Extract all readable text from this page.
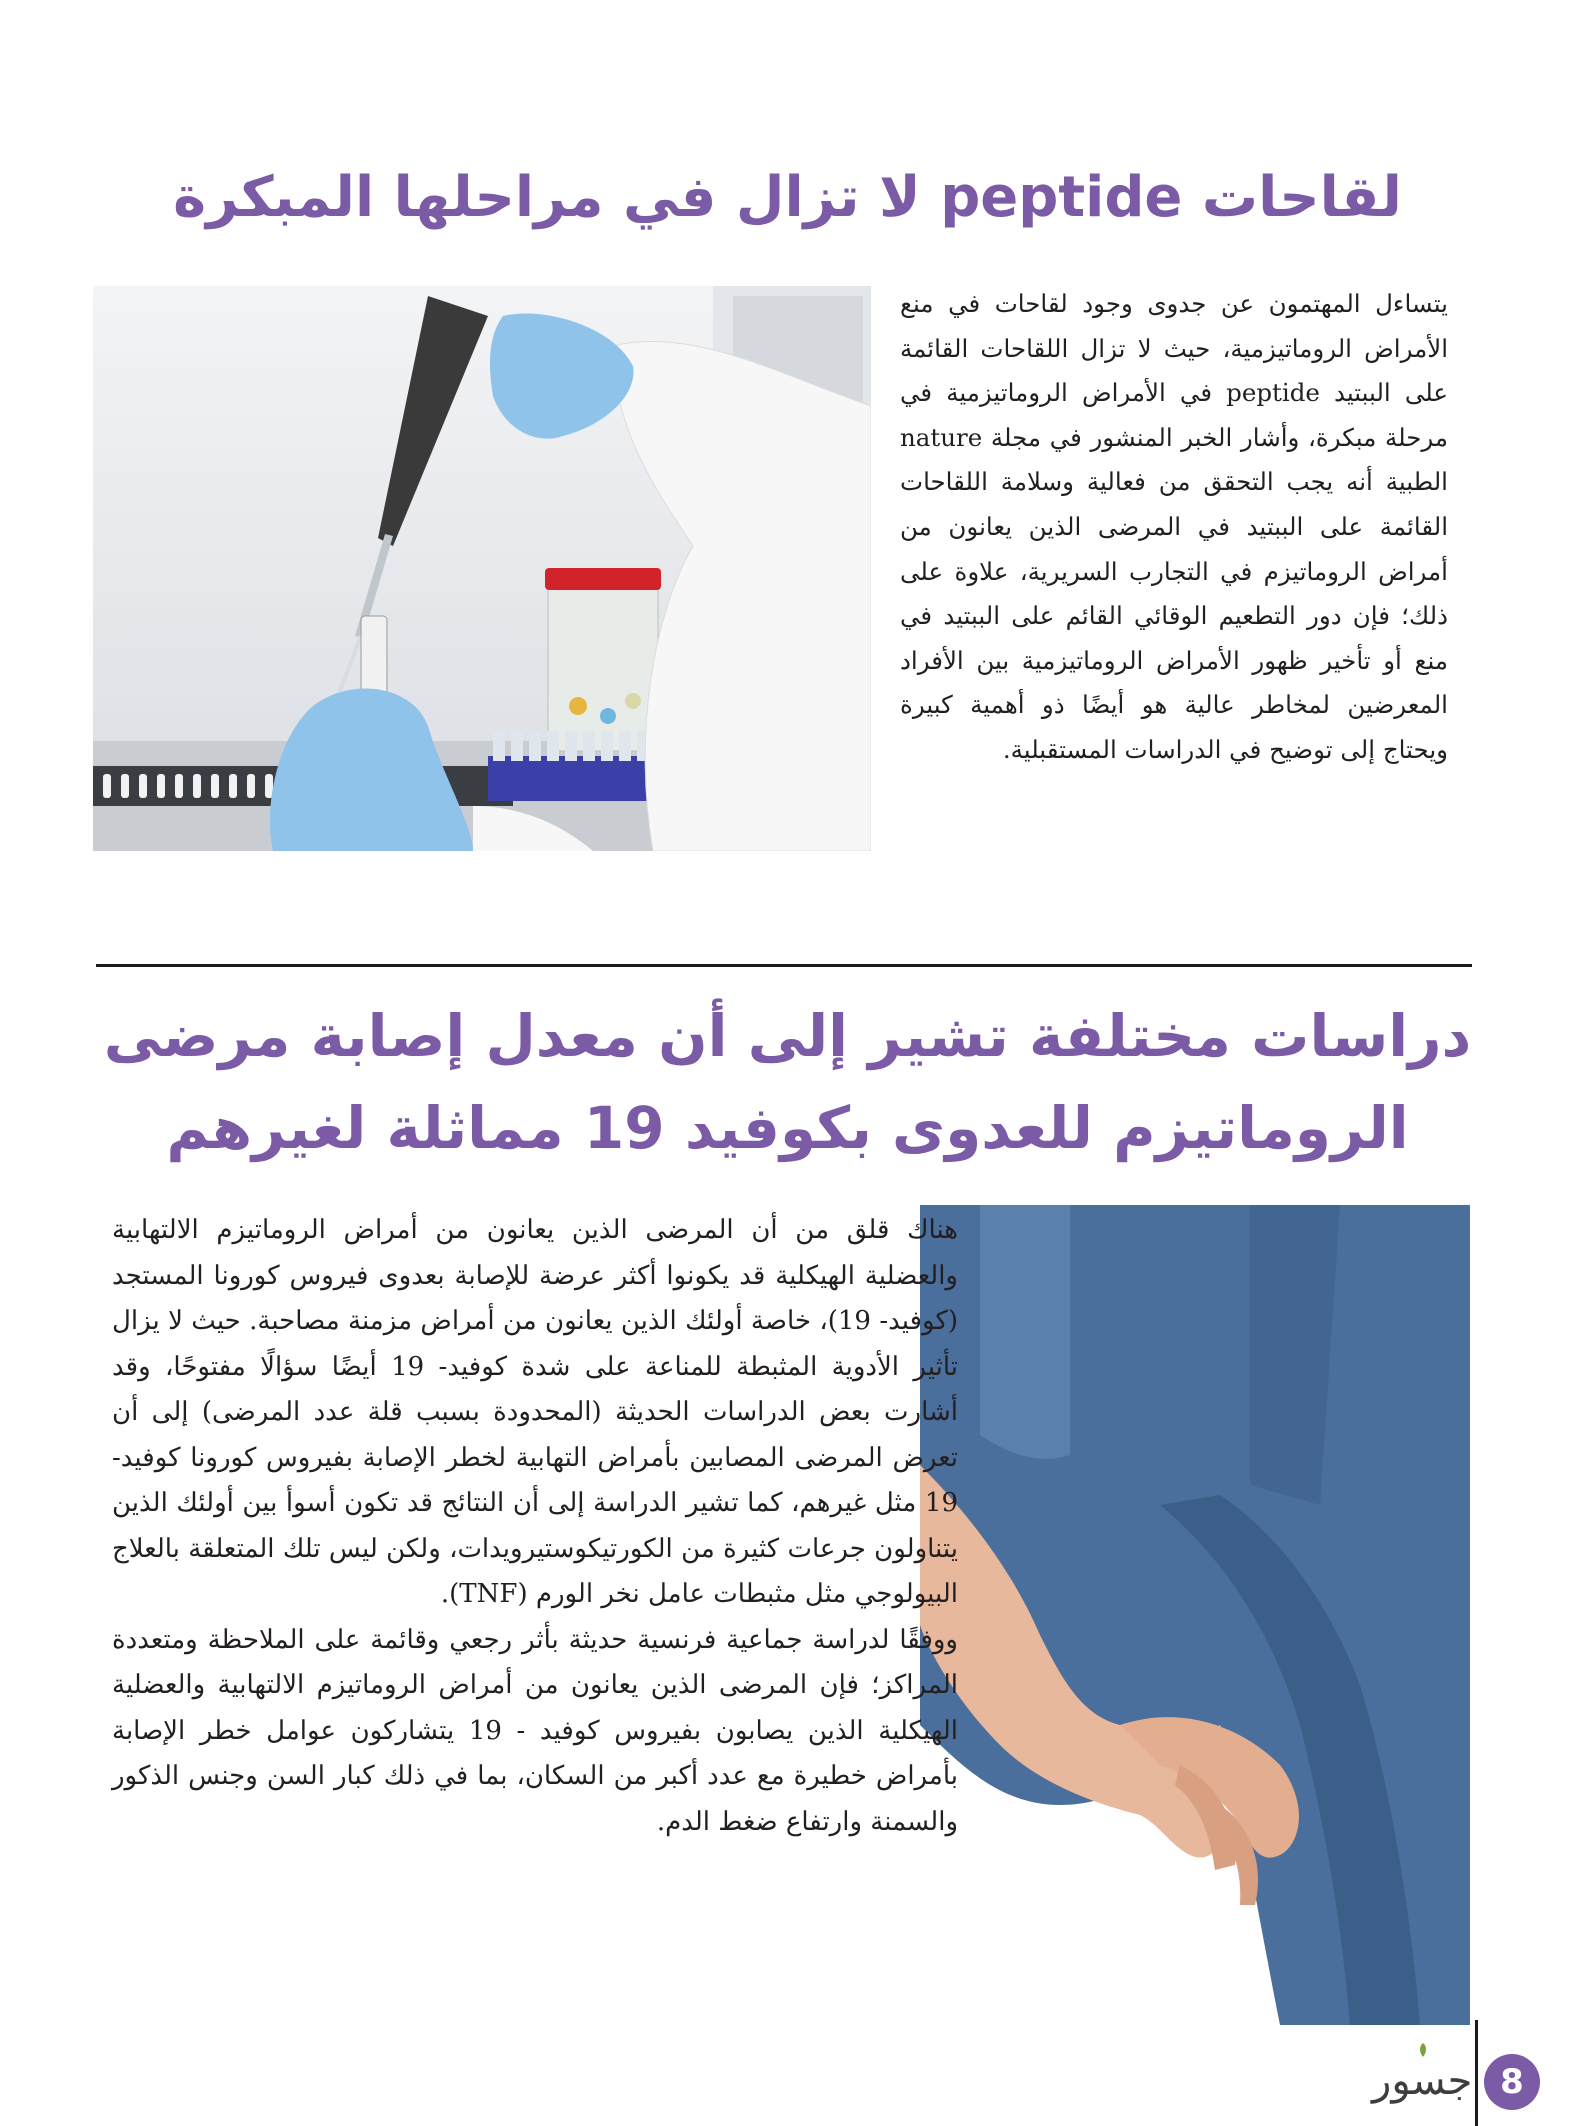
لقاحات peptide لا تزال في مراحلها المبكرة
يتساءل المهتمون عن جدوى وجود لقاحات في منع الأمراض الروماتيزمية، حيث لا تزال اللقاحات القائمة على الببتيد peptide في الأمراض الروماتيزمية في مرحلة مبكرة، وأشار الخبر المنشور في مجلة nature الطبية أنه يجب التحقق من فعالية وسلامة اللقاحات القائمة على الببتيد في المرضى الذين يعانون من أمراض الروماتيزم في التجارب السريرية، علاوة على ذلك؛ فإن دور التطعيم الوقائي القائم على الببتيد في منع أو تأخير ظهور الأمراض الروماتيزمية بين الأفراد المعرضين لمخاطر عالية هو أيضًا ذو أهمية كبيرة ويحتاج إلى توضيح في الدراسات المستقبلية.
دراسات مختلفة تشير إلى أن معدل إصابة مرضى
الروماتيزم للعدوى بكوفيد 19 مماثلة لغيرهم

هناك قلق من أن المرضى الذين يعانون من أمراض الروماتيزم الالتهابية والعضلية الهيكلية قد يكونوا أكثر عرضة للإصابة بعدوى فيروس كورونا المستجد (كوفيد- 19)، خاصة أولئك الذين يعانون من أمراض مزمنة مصاحبة. حيث لا يزال تأثير الأدوية المثبطة للمناعة على شدة كوفيد- 19 أيضًا سؤالًا مفتوحًا، وقد أشارت بعض الدراسات الحديثة (المحدودة بسبب قلة عدد المرضى) إلى أن تعرض المرضى المصابين بأمراض التهابية لخطر الإصابة بفيروس كورونا كوفيد- 19 مثل غيرهم، كما تشير الدراسة إلى أن النتائج قد تكون أسوأ بين أولئك الذين يتناولون جرعات كثيرة من الكورتيكوستيرويدات، ولكن ليس تلك المتعلقة بالعلاج البيولوجي مثل مثبطات عامل نخر الورم (TNF).

ووفقًا لدراسة جماعية فرنسية حديثة بأثر رجعي وقائمة على الملاحظة ومتعددة المراكز؛ فإن المرضى الذين يعانون من أمراض الروماتيزم الالتهابية والعضلية الهيكلية الذين يصابون بفيروس كوفيد - 19 يتشاركون عوامل خطر الإصابة بأمراض خطيرة مع عدد أكبر من السكان، بما في ذلك كبار السن وجنس الذكور والسمنة وارتفاع ضغط الدم.

جسور 8
